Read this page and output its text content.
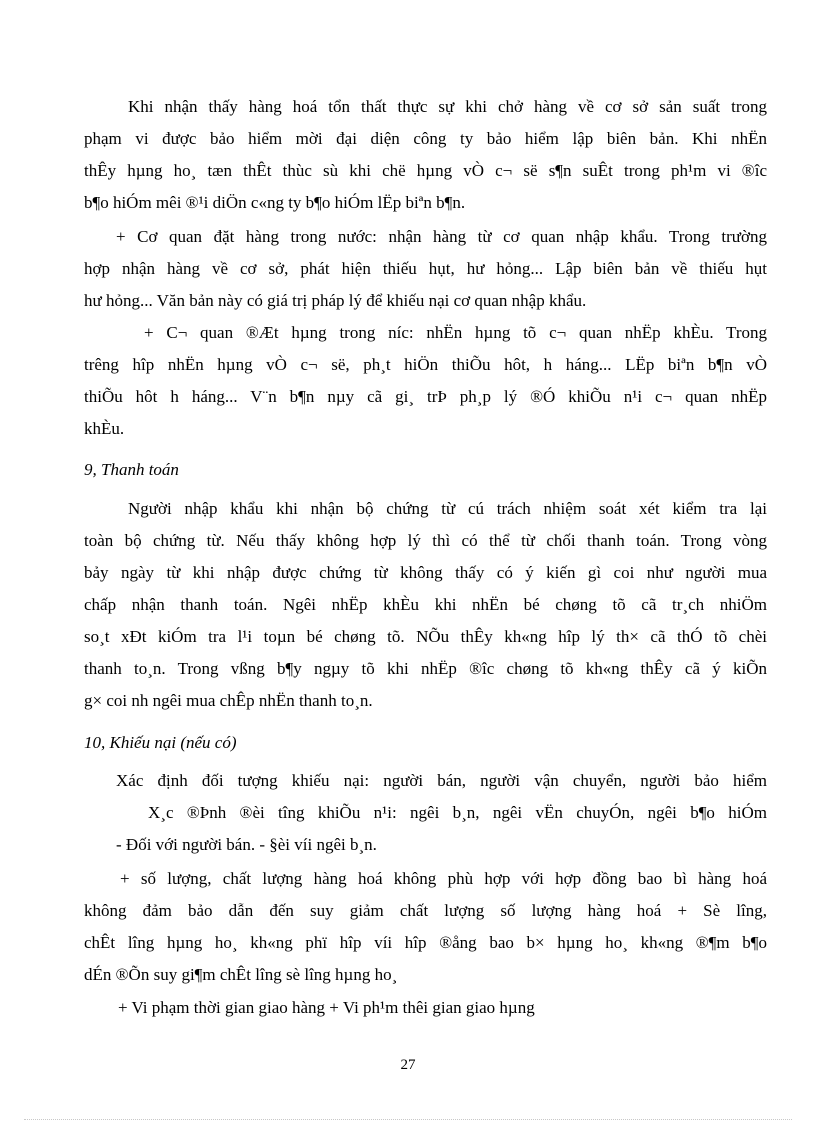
Khi nhận thấy hàng hoá tổn thất thực sự khi chở hàng về cơ sở sản suất trong
phạm vi được bảo hiểm mời đại diện công ty bảo hiểm lập biên bản. Khi nhËn
thÊy hµng ho¸ tæn thÊt thùc sù khi chë hµng vÒ c¬ së s¶n suÊt trong ph¹m vi ®îc
b¶o hiÓm mêi ®¹i diÖn c«ng ty b¶o hiÓm lËp biªn b¶n.
+ Cơ quan đặt hàng trong nước: nhận hàng từ cơ quan nhập khẩu. Trong trường
hợp nhận hàng về cơ sở, phát hiện thiếu hụt, hư hỏng... Lập biên bản về thiếu hụt
hư hỏng... Văn bản này có giá trị pháp lý để khiếu nại cơ quan nhập khẩu.
+ C¬ quan ®Æt hµng trong níc: nhËn hµng tõ c¬ quan nhËp khÈu. Trong
trêng hîp nhËn hµng vÒ c¬ së, ph¸t hiÖn thiÕu hôt, h háng... LËp biªn b¶n vÒ
thiÕu hôt h háng... V¨n b¶n nµy cã gi¸ trÞ ph¸p lý ®Ó khiÕu n¹i c¬ quan nhËp
khÈu.
9, Thanh toán
Người nhập khẩu khi nhận bộ chứng từ cú trách nhiệm soát xét kiểm tra lại
toàn bộ chứng từ. Nếu thấy không hợp lý thì có thể từ chối thanh toán. Trong vòng
bảy ngày từ khi nhập được chứng từ không thấy có ý kiến gì coi như người mua
chấp nhận thanh toán. Ngêi nhËp khÈu khi nhËn bé chøng tõ cã tr¸ch nhiÖm
so¸t xÐt kiÓm tra l¹i toµn bé chøng tõ. NÕu thÊy kh«ng hîp lý th× cã thÓ tõ chèi
thanh to¸n. Trong vßng b¶y ngµy tõ khi nhËp ®îc chøng tõ kh«ng thÊy cã ý kiÕn
g× coi nh ngêi mua chÊp nhËn thanh to¸n.
10, Khiếu nại (nếu có)
Xác định đối tượng khiếu nại: người bán, người vận chuyển, người bảo hiểm
X¸c ®Þnh ®èi tîng khiÕu n¹i: ngêi b¸n, ngêi vËn chuyÓn, ngêi b¶o hiÓm
- Đối với người bán. - §èi víi ngêi b¸n.
+ số lượng, chất lượng hàng hoá không phù hợp với hợp đồng bao bì hàng hoá
không đảm bảo dẫn đến suy giảm chất lượng số lượng hàng hoá + Sè lîng,
chÊt lîng hµng ho¸ kh«ng phï hîp víi hîp ®ång bao b× hµng ho¸ kh«ng ®¶m b¶o
dÉn ®Õn suy gi¶m chÊt lîng sè lîng hµng ho¸
+ Vi phạm thời gian giao hàng + Vi ph¹m thêi gian giao hµng
27
